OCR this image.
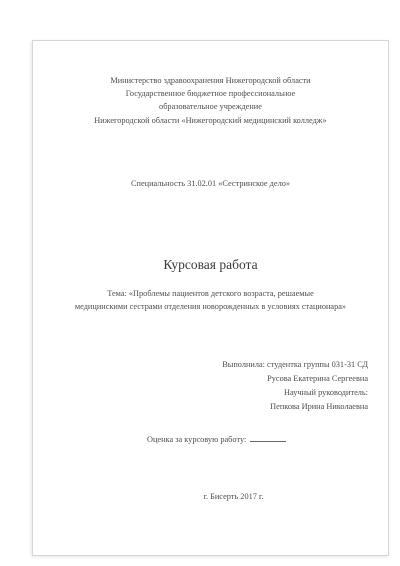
Министерство здравоохранения Нижегородской области
Государственное бюджетное профессиональное
образовательное учреждение
Нижегородской области «Нижегородский медицинский колледж»
Специальность 31.02.01 «Сестринское дело»
Курсовая работа
Тема: «Проблемы пациентов детского возраста, решаемые
медицинскими сестрами отделения новорожденных в условиях стационара»
Выполнила: студентка группы 031-31 СД
Русова Екатерина Сергеевна
Научный руководитель:
Пепкова Ирина Николаевна
Оценка за курсовую работу:
г. Бисерть 2017 г.
